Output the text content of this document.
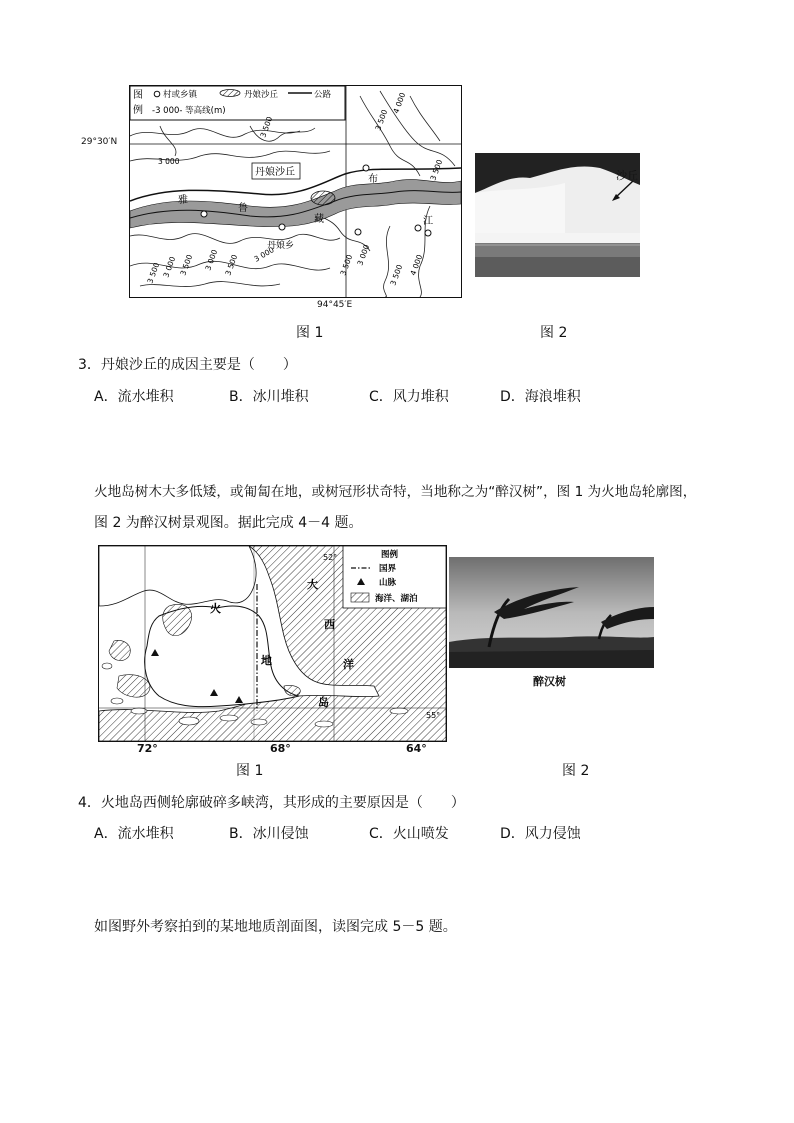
图
例
村或乡镇	丹娘沙丘	公路
-3 000- 等高线(m)
丹娘沙丘
丹娘乡
雅
鲁
藏
布
江
3 500
3 000
3 500 3 000 3 500 3 000 3 500 3 000
4 000
3 500
3 500
3 500 4 000
3 000
3 500
29°30′N
94°45′E
沙丘
图 1	图 2
3．丹娘沙丘的成因主要是（　　）
A．流水堆积	B．冰川堆积	C．风力堆积	D．海浪堆积
火地岛树木大多低矮，或匍匐在地，或树冠形状奇特，当地称之为“醉汉树”，图 1 为火地岛轮廓图，
图 2 为醉汉树景观图。据此完成 4－4 题。
火
地
岛
大
西
洋
图例
国界
山脉
海洋、湖泊
52°
55°
72°	68°	64°
醉汉树
图 1	图 2
4．火地岛西侧轮廓破碎多峡湾，其形成的主要原因是（　　）
A．流水堆积	B．冰川侵蚀	C．火山喷发	D．风力侵蚀
如图野外考察拍到的某地地质剖面图，读图完成 5－5 题。
